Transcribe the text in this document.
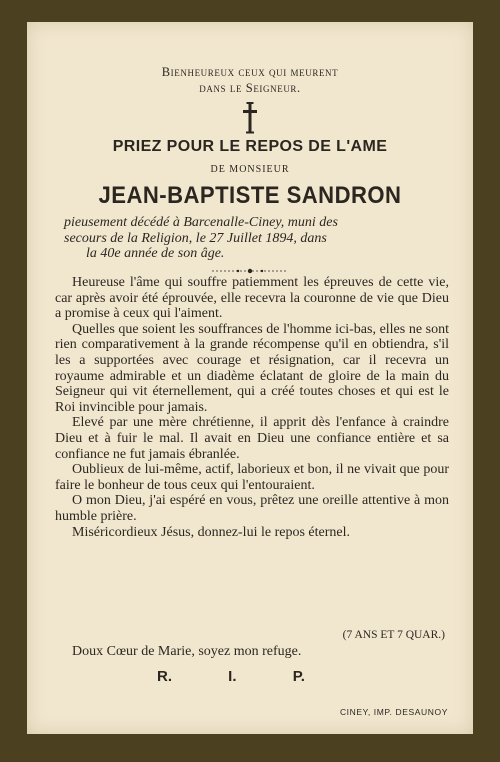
Bienheureux ceux qui meurent
dans le Seigneur.
PRIEZ POUR LE REPOS DE L'AME
DE MONSIEUR
JEAN-BAPTISTE SANDRON
pieusement décédé à Barcenalle-Ciney, muni des
secours de la Religion, le 27 Juillet 1894, dans
la 40e année de son âge.

Heureuse l'âme qui souffre patiemment les épreuves de cette vie, car après avoir été éprouvée, elle recevra la couronne de vie que Dieu a promise à ceux qui l'aiment.

Quelles que soient les souffrances de l'homme ici-bas, elles ne sont rien comparativement à la grande récompense qu'il en obtiendra, s'il les a supportées avec courage et résignation, car il recevra un royaume admirable et un diadème éclatant de gloire de la main du Seigneur qui vit éternellement, qui a créé toutes choses et qui est le Roi invincible pour jamais.

Elevé par une mère chrétienne, il apprit dès l'enfance à craindre Dieu et à fuir le mal. Il avait en Dieu une confiance entière et sa confiance ne fut jamais ébranlée.

Oublieux de lui-même, actif, laborieux et bon, il ne vivait que pour faire le bonheur de tous ceux qui l'entouraient.

O mon Dieu, j'ai espéré en vous, prêtez une oreille attentive à mon humble prière.

Miséricordieux Jésus, donnez-lui le repos éternel.

(7 ANS ET 7 QUAR.)
Doux Cœur de Marie, soyez mon refuge.
R.	I.	P.
CINEY, IMP. DESAUNOY
